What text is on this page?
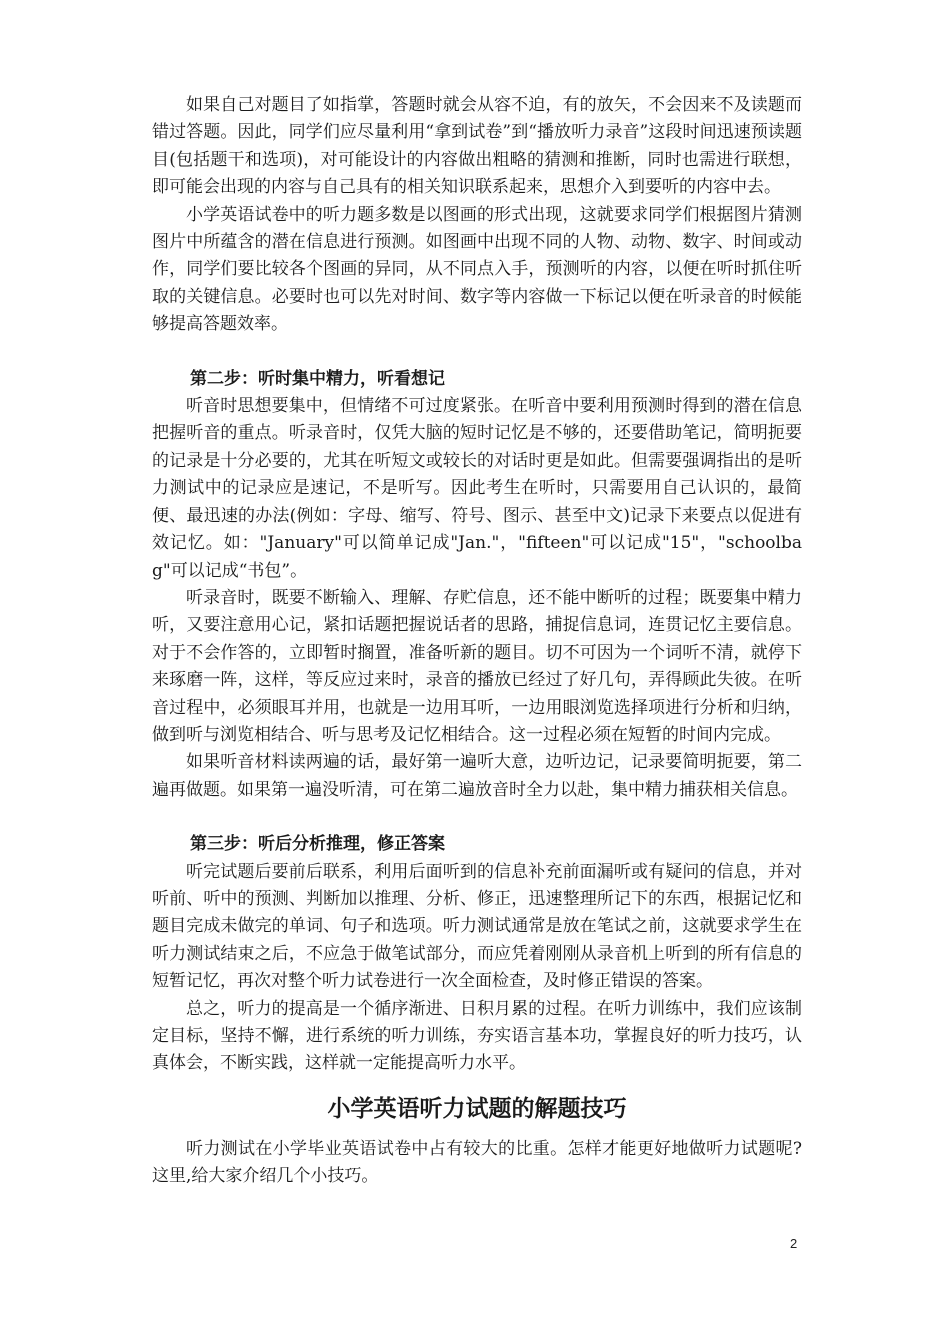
如果自己对题目了如指掌，答题时就会从容不迫，有的放矢，不会因来不及读题而错过答题。因此，同学们应尽量利用“拿到试卷”到“播放听力录音”这段时间迅速预读题目(包括题干和选项)，对可能设计的内容做出粗略的猜测和推断，同时也需进行联想，即可能会出现的内容与自己具有的相关知识联系起来，思想介入到要听的内容中去。

小学英语试卷中的听力题多数是以图画的形式出现，这就要求同学们根据图片猜测图片中所蕴含的潜在信息进行预测。如图画中出现不同的人物、动物、数字、时间或动作，同学们要比较各个图画的异同，从不同点入手，预测听的内容，以便在听时抓住听取的关键信息。必要时也可以先对时间、数字等内容做一下标记以便在听录音的时候能够提高答题效率。

第二步：听时集中精力，听看想记

听音时思想要集中，但情绪不可过度紧张。在听音中要利用预测时得到的潜在信息把握听音的重点。听录音时，仅凭大脑的短时记忆是不够的，还要借助笔记，简明扼要的记录是十分必要的，尤其在听短文或较长的对话时更是如此。但需要强调指出的是听力测试中的记录应是速记，不是听写。因此考生在听时，只需要用自己认识的，最简便、最迅速的办法(例如：字母、缩写、符号、图示、甚至中文)记录下来要点以促进有效记忆。如："January"可以简单记成"Jan."，"fifteen"可以记成"15"，"schoolbag"可以记成“书包”。

听录音时，既要不断输入、理解、存贮信息，还不能中断听的过程；既要集中精力听，又要注意用心记，紧扣话题把握说话者的思路，捕捉信息词，连贯记忆主要信息。对于不会作答的，立即暂时搁置，准备听新的题目。切不可因为一个词听不清，就停下来琢磨一阵，这样，等反应过来时，录音的播放已经过了好几句，弄得顾此失彼。在听音过程中，必须眼耳并用，也就是一边用耳听，一边用眼浏览选择项进行分析和归纳，做到听与浏览相结合、听与思考及记忆相结合。这一过程必须在短暂的时间内完成。

如果听音材料读两遍的话，最好第一遍听大意，边听边记，记录要简明扼要，第二遍再做题。如果第一遍没听清，可在第二遍放音时全力以赴，集中精力捕获相关信息。

第三步：听后分析推理，修正答案

听完试题后要前后联系，利用后面听到的信息补充前面漏听或有疑问的信息，并对听前、听中的预测、判断加以推理、分析、修正，迅速整理所记下的东西，根据记忆和题目完成未做完的单词、句子和选项。听力测试通常是放在笔试之前，这就要求学生在听力测试结束之后，不应急于做笔试部分，而应凭着刚刚从录音机上听到的所有信息的短暂记忆，再次对整个听力试卷进行一次全面检查，及时修正错误的答案。

总之，听力的提高是一个循序渐进、日积月累的过程。在听力训练中，我们应该制定目标，坚持不懈，进行系统的听力训练，夯实语言基本功，掌握良好的听力技巧，认真体会，不断实践，这样就一定能提高听力水平。

小学英语听力试题的解题技巧

听力测试在小学毕业英语试卷中占有较大的比重。怎样才能更好地做听力试题呢?这里,给大家介绍几个小技巧。

2
